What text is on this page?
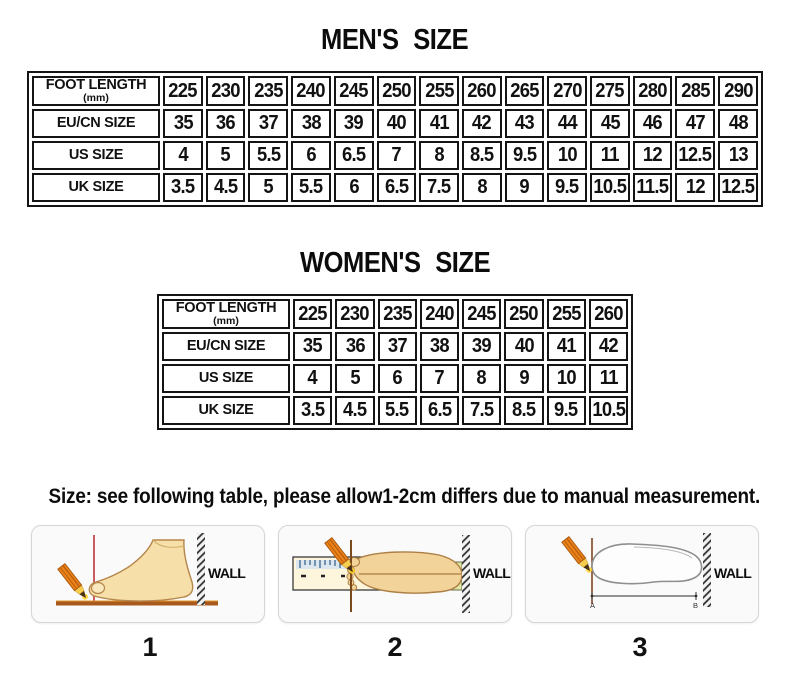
MEN'S SIZE
FOOT LENGTH
(mm)	225	230	235	240	245	250	255	260	265	270	275	280	285	290

EU/CN SIZE	35	36	37	38	39	40	41	42	43	44	45	46	47	48

US SIZE	4	5	5.5	6	6.5	7	8	8.5	9.5	10	11	12	12.5	13

UK SIZE	3.5	4.5	5	5.5	6	6.5	7.5	8	9	9.5	10.5	11.5	12	12.5
WOMEN'S SIZE
FOOT LENGTH
(mm)	225	230	235	240	245	250	255	260

EU/CN SIZE	35	36	37	38	39	40	41	42

US SIZE	4	5	6	7	8	9	10	11

UK SIZE	3.5	4.5	5.5	6.5	7.5	8.5	9.5	10.5
Size: see following table, please allow1-2cm differs due to manual measurement.
WALL	WALL
A	B
WALL
1	2	3
